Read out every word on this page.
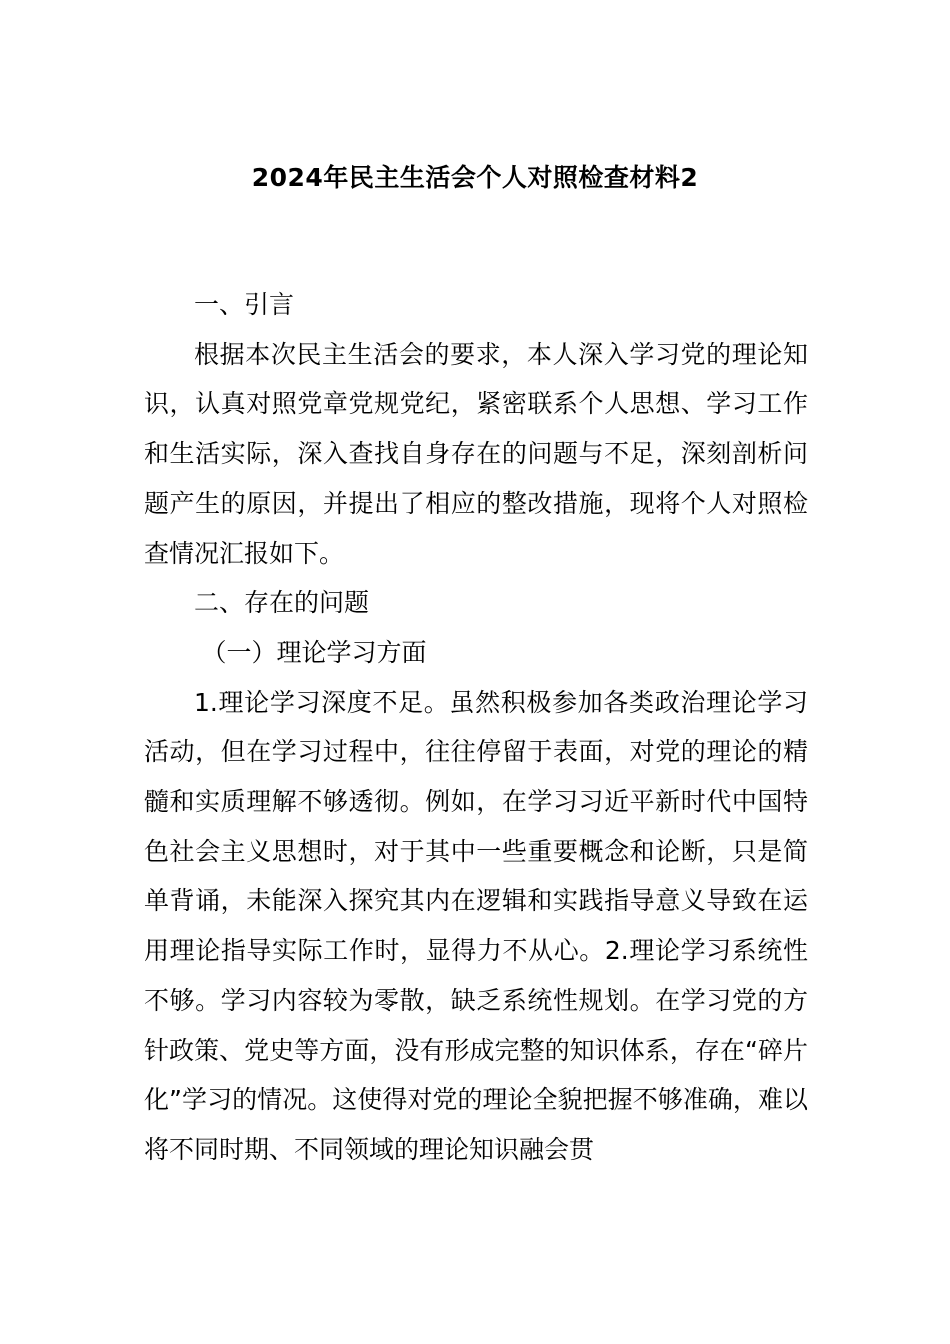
2024年民主生活会个人对照检查材料2

一、引言

根据本次民主生活会的要求，本人深入学习党的理论知识，认真对照党章党规党纪，紧密联系个人思想、学习工作和生活实际，深入查找自身存在的问题与不足，深刻剖析问题产生的原因，并提出了相应的整改措施，现将个人对照检查情况汇报如下。

二、存在的问题

（一）理论学习方面

1.理论学习深度不足。虽然积极参加各类政治理论学习活动，但在学习过程中，往往停留于表面，对党的理论的精髓和实质理解不够透彻。例如，在学习习近平新时代中国特色社会主义思想时，对于其中一些重要概念和论断，只是简单背诵，未能深入探究其内在逻辑和实践指导意义导致在运用理论指导实际工作时，显得力不从心。2.理论学习系统性不够。学习内容较为零散，缺乏系统性规划。在学习党的方针政策、党史等方面，没有形成完整的知识体系，存在“碎片化”学习的情况。这使得对党的理论全貌把握不够准确，难以将不同时期、不同领域的理论知识融会贯
